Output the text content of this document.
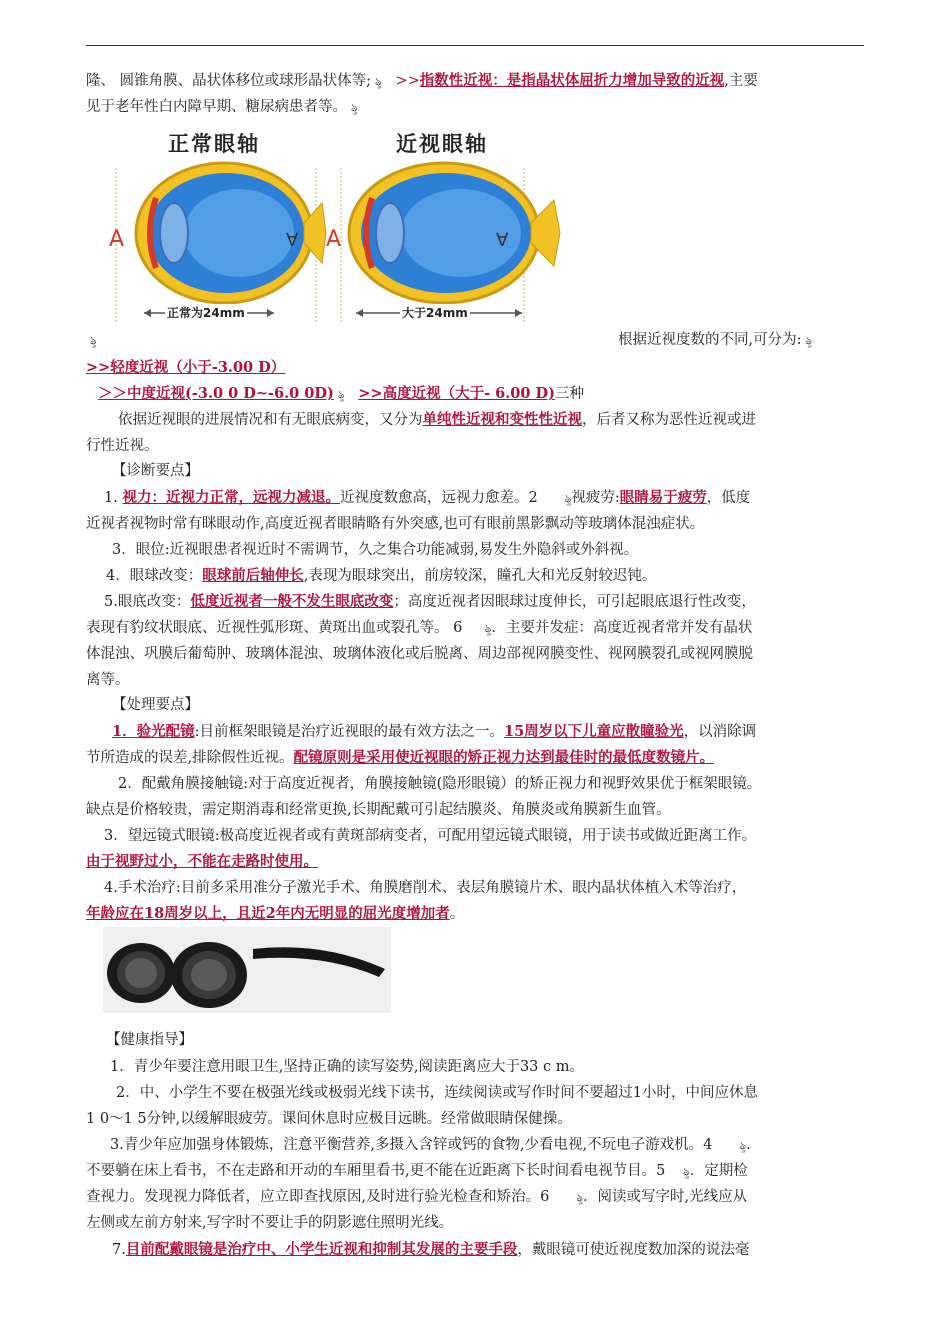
隆、 圆锥角膜、晶状体移位或球形晶状体等; ৡ >>指数性近视：是指晶状体屈折力增加导致的近视,主要
见于老年性白内障早期、糖尿病患者等。 ৡ
正常眼轴	近视眼轴
A	∀ A	∀
正常为24mm	大于24mm
ৡ	根据近视度数的不同,可分为: ৡ
>>轻度近视（小于-3.00 D）
＞＞中度近视(-3.0 0 D~-6.0 0D) ৡ >>高度近视（大于- 6.00 D)三种
依据近视眼的进展情况和有无眼底病变，又分为单纯性近视和变性性近视，后者又称为恶性近视或进
行性近视。
【诊断要点】
1. 视力：近视力正常，远视力减退。近视度数愈高，远视力愈差。2 ৡ视疲劳:眼睛易于疲劳，低度
近视者视物时常有眯眼动作,高度近视者眼睛略有外突感,也可有眼前黑影飘动等玻璃体混浊症状。
3．眼位:近视眼患者视近时不需调节，久之集合功能减弱,易发生外隐斜或外斜视。
4．眼球改变：眼球前后轴伸长,表现为眼球突出，前房较深，瞳孔大和光反射较迟钝。
5.眼底改变：低度近视者一般不发生眼底改变；高度近视者因眼球过度伸长，可引起眼底退行性改变，
表现有豹纹状眼底、近视性弧形斑、黄斑出血或裂孔等。 6 ৡ．主要并发症：高度近视者常并发有晶状
体混浊、巩膜后葡萄肿、玻璃体混浊、玻璃体液化或后脱离、周边部视网膜变性、视网膜裂孔或视网膜脱
离等。
【处理要点】
1．验光配镜:目前框架眼镜是治疗近视眼的最有效方法之一。15周岁以下儿童应散瞳验光，以消除调
节所造成的误差,排除假性近视。配镜原则是采用使近视眼的矫正视力达到最佳时的最低度数镜片。
2．配戴角膜接触镜:对于高度近视者，角膜接触镜(隐形眼镜）的矫正视力和视野效果优于框架眼镜。
缺点是价格较贵，需定期消毒和经常更换,长期配戴可引起结膜炎、角膜炎或角膜新生血管。
3．望远镜式眼镜:极高度近视者或有黄斑部病变者，可配用望远镜式眼镜，用于读书或做近距离工作。
由于视野过小，不能在走路时使用。
4.手术治疗:目前多采用准分子激光手术、角膜磨削术、表层角膜镜片术、眼内晶状体植入术等治疗，
年龄应在18周岁以上，且近2年内无明显的屈光度增加者。
【健康指导】
1．青少年要注意用眼卫生,坚持正确的读写姿势,阅读距离应大于33 c m。
2．中、小学生不要在极强光线或极弱光线下读书，连续阅读或写作时间不要超过1小时，中间应休息
1 0～1 5分钟,以缓解眼疲劳。课间休息时应极目远眺。经常做眼睛保健操。
3.青少年应加强身体锻炼，注意平衡营养,多摄入含锌或钙的食物,少看电视,不玩电子游戏机。4 ৡ.
不要躺在床上看书，不在走路和开动的车厢里看书,更不能在近距离下长时间看电视节目。5 ৡ．定期检
查视力。发现视力降低者，应立即查找原因,及时进行验光检查和矫治。6 ৡ．阅读或写字时,光线应从
左侧或左前方射来,写字时不要让手的阴影遮住照明光线。
7.目前配戴眼镜是治疗中、小学生近视和抑制其发展的主要手段，戴眼镜可使近视度数加深的说法毫
